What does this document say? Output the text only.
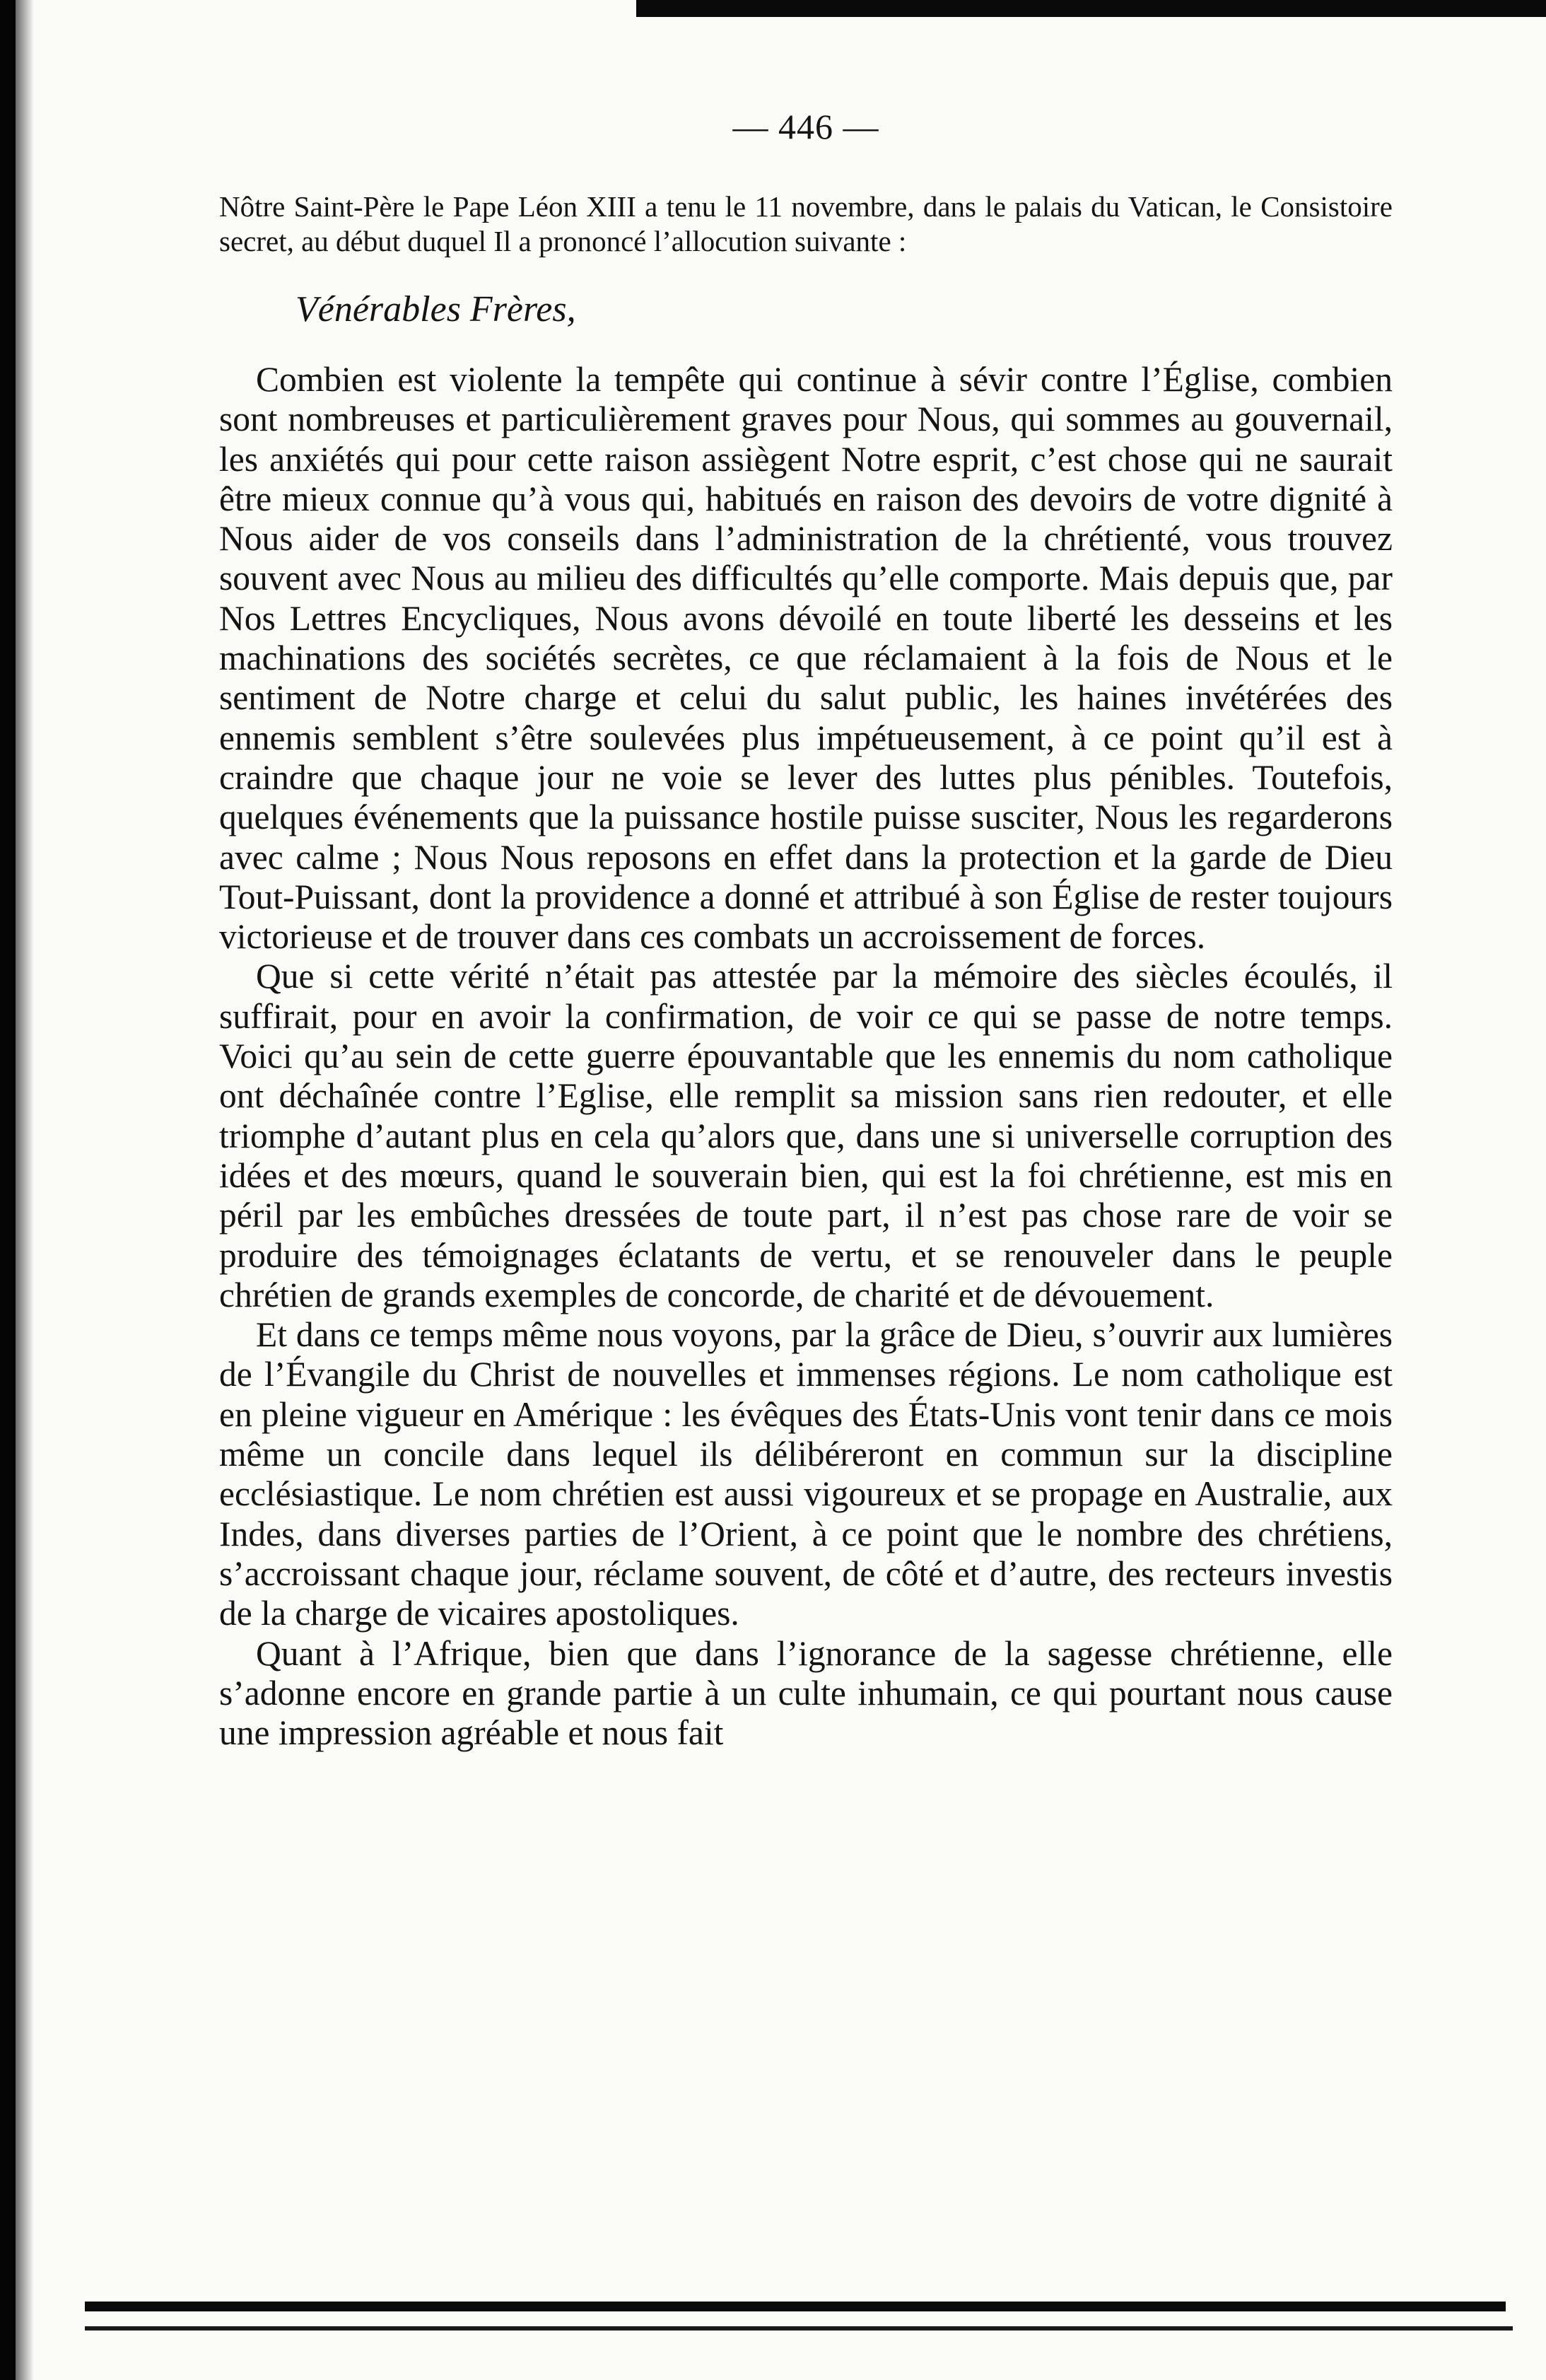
— 446 —

Nôtre Saint-Père le Pape Léon XIII a tenu le 11 novembre, dans le palais du Vatican, le Consistoire secret, au début duquel Il a prononcé l’allocution suivante :

Vénérables Frères,

Combien est violente la tempête qui continue à sévir contre l’Église, combien sont nombreuses et particulièrement graves pour Nous, qui sommes au gouvernail, les anxiétés qui pour cette raison assiègent Notre esprit, c’est chose qui ne saurait être mieux connue qu’à vous qui, habitués en raison des devoirs de votre dignité à Nous aider de vos conseils dans l’administration de la chrétienté, vous trouvez souvent avec Nous au milieu des difficultés qu’elle comporte. Mais depuis que, par Nos Lettres Encycliques, Nous avons dévoilé en toute liberté les desseins et les machinations des sociétés secrètes, ce que réclamaient à la fois de Nous et le sentiment de Notre charge et celui du salut public, les haines invétérées des ennemis semblent s’être soulevées plus impétueusement, à ce point qu’il est à craindre que chaque jour ne voie se lever des luttes plus pénibles. Toutefois, quelques événements que la puissance hostile puisse susciter, Nous les regarderons avec calme ; Nous Nous reposons en effet dans la protection et la garde de Dieu Tout-Puissant, dont la providence a donné et attribué à son Église de rester toujours victorieuse et de trouver dans ces combats un accroissement de forces.

Que si cette vérité n’était pas attestée par la mémoire des siècles écoulés, il suffirait, pour en avoir la confirmation, de voir ce qui se passe de notre temps. Voici qu’au sein de cette guerre épouvantable que les ennemis du nom catholique ont déchaînée contre l’Eglise, elle remplit sa mission sans rien redouter, et elle triomphe d’autant plus en cela qu’alors que, dans une si universelle corruption des idées et des mœurs, quand le souverain bien, qui est la foi chrétienne, est mis en péril par les embûches dressées de toute part, il n’est pas chose rare de voir se produire des témoignages éclatants de vertu, et se renouveler dans le peuple chrétien de grands exemples de concorde, de charité et de dévouement.

Et dans ce temps même nous voyons, par la grâce de Dieu, s’ouvrir aux lumières de l’Évangile du Christ de nouvelles et immenses régions. Le nom catholique est en pleine vigueur en Amérique : les évêques des États-Unis vont tenir dans ce mois même un concile dans lequel ils délibéreront en commun sur la discipline ecclésiastique. Le nom chrétien est aussi vigoureux et se propage en Australie, aux Indes, dans diverses parties de l’Orient, à ce point que le nombre des chrétiens, s’accroissant chaque jour, réclame souvent, de côté et d’autre, des recteurs investis de la charge de vicaires apostoliques.

Quant à l’Afrique, bien que dans l’ignorance de la sagesse chrétienne, elle s’adonne encore en grande partie à un culte inhumain, ce qui pourtant nous cause une impression agréable et nous fait
